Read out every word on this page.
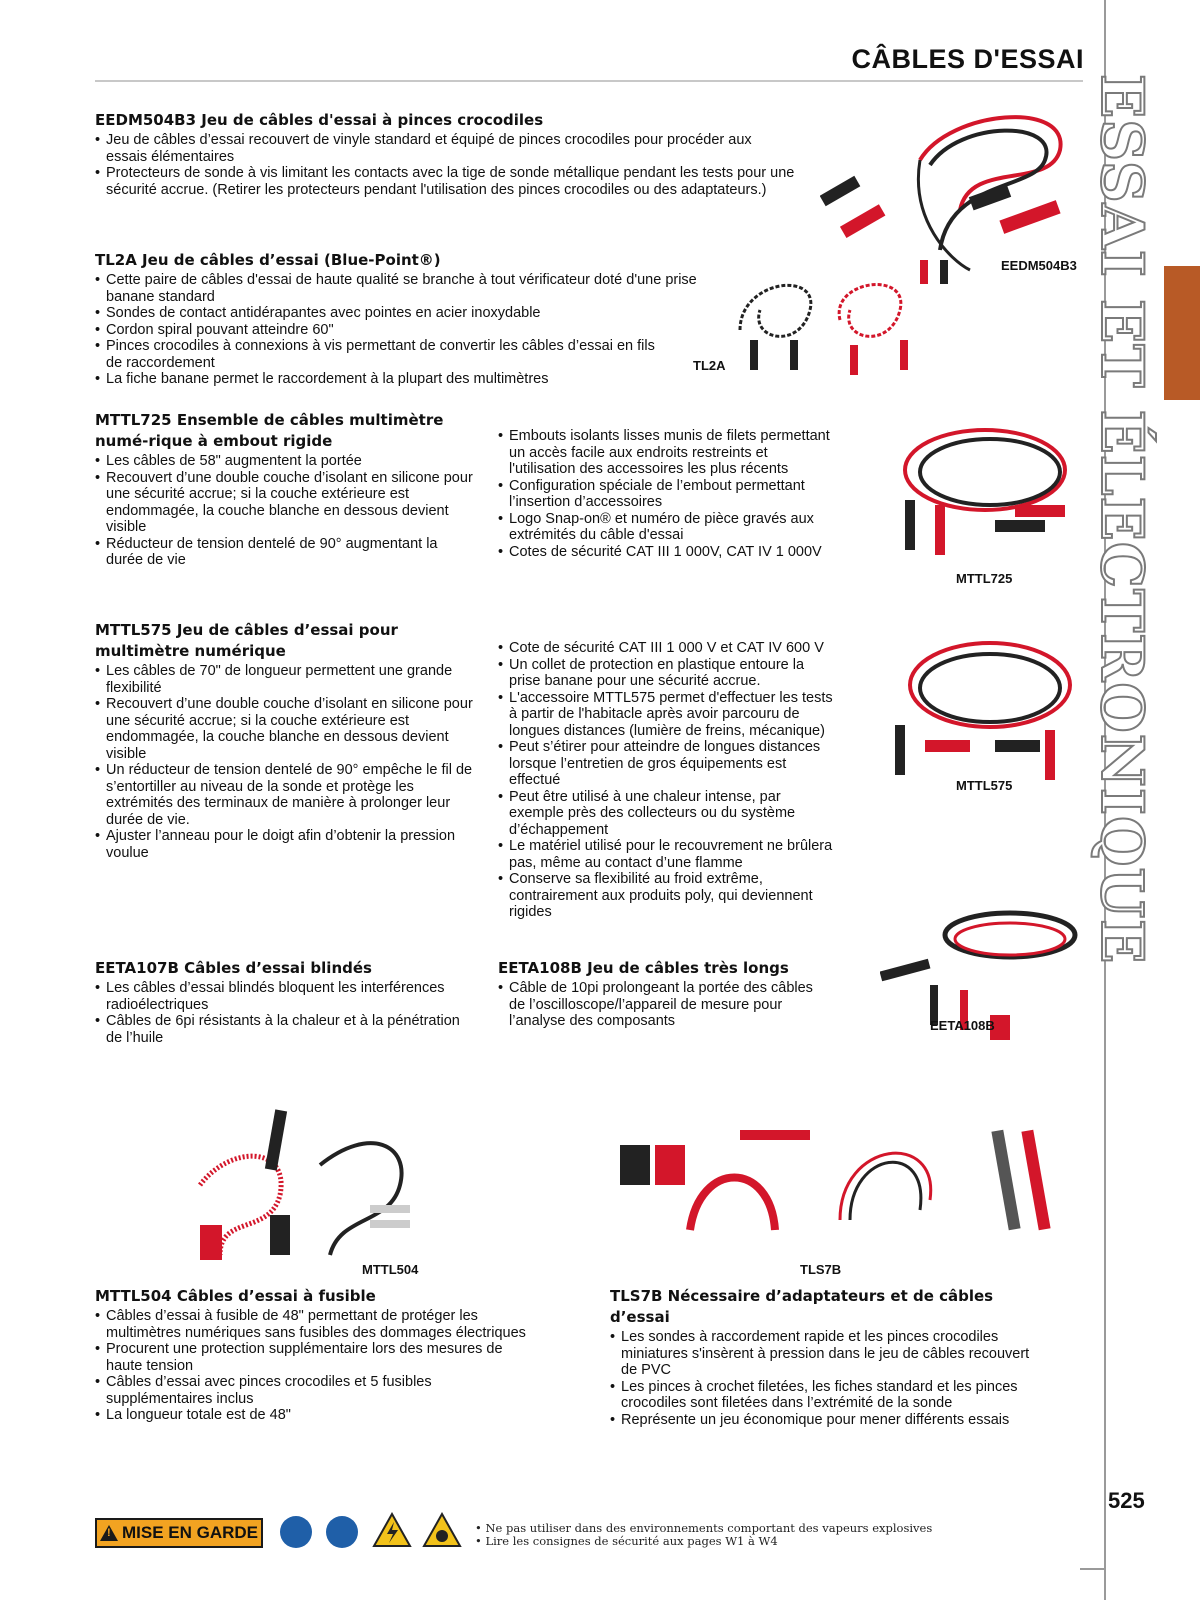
CÂBLES D'ESSAI
ESSAI ET ÉLECTRONIQUE
525
EEDM504B3 Jeu de câbles d'essai à pinces crocodiles
• Jeu de câbles d’essai recouvert de vinyle standard et équipé de pinces crocodiles pour procéder aux essais élémentaires
• Protecteurs de sonde à vis limitant les contacts avec la tige de sonde métallique pendant les tests pour une sécurité accrue. (Retirer les protecteurs pendant l'utilisation des pinces crocodiles ou des adaptateurs.)
TL2A Jeu de câbles d’essai (Blue-Point®)
• Cette paire de câbles d'essai de haute qualité se branche à tout vérificateur doté d'une prise banane standard
• Sondes de contact antidérapantes avec pointes en acier inoxydable
• Cordon spiral pouvant atteindre 60"
• Pinces crocodiles à connexions à vis permettant de convertir les câbles d’essai en fils de raccordement
• La fiche banane permet le raccordement à la plupart des multimètres
MTTL725 Ensemble de câbles multimètre numé-rique à embout rigide
• Les câbles de 58" augmentent la portée
• Recouvert d’une double couche d’isolant en silicone pour une sécurité accrue; si la couche extérieure est endommagée, la couche blanche en dessous devient visible
• Réducteur de tension dentelé de 90° augmentant la durée de vie
• Embouts isolants lisses munis de filets permettant un accès facile aux endroits restreints et l'utilisation des accessoires les plus récents
• Configuration spéciale de l’embout permettant l’insertion d’accessoires
• Logo Snap-on® et numéro de pièce gravés aux extrémités du câble d'essai
• Cotes de sécurité CAT III 1 000V, CAT IV 1 000V
MTTL575 Jeu de câbles d’essai pour multimètre numérique
• Les câbles de 70" de longueur permettent une grande flexibilité
• Recouvert d’une double couche d’isolant en silicone pour une sécurité accrue; si la couche extérieure est endommagée, la couche blanche en dessous devient visible
• Un réducteur de tension dentelé de 90° empêche le fil de s’entortiller au niveau de la sonde et protège les extrémités des terminaux de manière à prolonger leur durée de vie.
• Ajuster l’anneau pour le doigt afin d’obtenir la pression voulue
• Cote de sécurité CAT III 1 000 V et CAT IV 600 V
• Un collet de protection en plastique entoure la prise banane pour une sécurité accrue.
• L'accessoire MTTL575 permet d'effectuer les tests à partir de l'habitacle après avoir parcouru de longues distances (lumière de freins, mécanique)
• Peut s’étirer pour atteindre de longues distances lorsque l’entretien de gros équipements est effectué
• Peut être utilisé à une chaleur intense, par exemple près des collecteurs ou du système d’échappement
• Le matériel utilisé pour le recouvrement ne brûlera pas, même au contact d’une flamme
• Conserve sa flexibilité au froid extrême, contrairement aux produits poly, qui deviennent rigides
EETA107B Câbles d’essai blindés
• Les câbles d’essai blindés bloquent les interférences radioélectriques
• Câbles de 6pi résistants à la chaleur et à la pénétration de l’huile
EETA108B Jeu de câbles très longs
• Câble de 10pi prolongeant la portée des câbles de l’oscilloscope/l’appareil de mesure pour l’analyse des composants
MTTL504 Câbles d’essai à fusible
• Câbles d’essai à fusible de 48" permettant de protéger les multimètres numériques sans fusibles des dommages électriques
• Procurent une protection supplémentaire lors des mesures de haute tension
• Câbles d’essai avec pinces crocodiles et 5 fusibles supplémentaires inclus
• La longueur totale est de 48"
TLS7B Nécessaire d’adaptateurs et de câbles d’essai
• Les sondes à raccordement rapide et les pinces crocodiles miniatures s'insèrent à pression dans le jeu de câbles recouvert de PVC
• Les pinces à crochet filetées, les fiches standard et les pinces crocodiles sont filetées dans l’extrémité de la sonde
• Représente un jeu économique pour mener différents essais
EEDM504B3
TL2A
MTTL725
MTTL575
EETA108B
MTTL504	TLS7B
!
MISE EN GARDE
•	Ne pas utiliser dans des environnements comportant des vapeurs explosives
• Lire les consignes de sécurité aux pages W1 à W4
